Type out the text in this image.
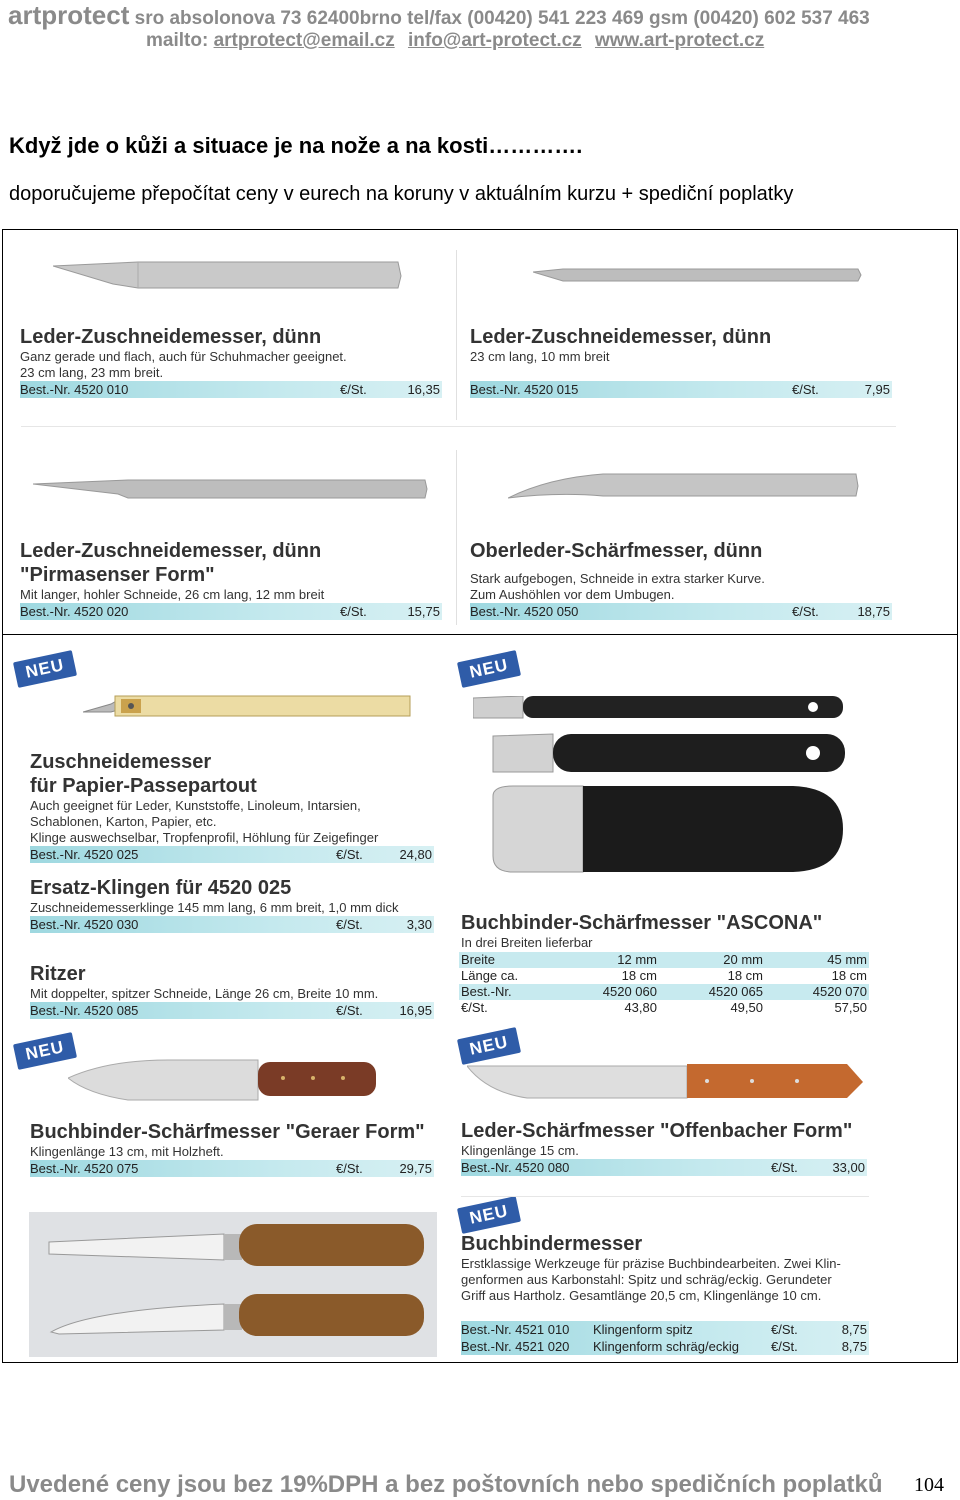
artprotect sro absolonova 73 62400brno tel/fax (00420) 541 223 469 gsm (00420) 602 537 463
mailto: artprotect@email.cz info@art-protect.cz www.art-protect.cz
Když jde o kůži a situace je na nože a na kosti………….
doporučujeme přepočítat ceny v eurech na koruny v aktuálním kurzu + spediční poplatky
Leder-Zuschneidemesser, dünn
Ganz gerade und flach, auch für Schuhmacher geeignet.
23 cm lang, 23 mm breit.
Best.-Nr. 4520 010	€/St.	16,35
Leder-Zuschneidemesser, dünn
23 cm lang, 10 mm breit

Best.-Nr. 4520 015	€/St.	7,95
Leder-Zuschneidemesser, dünn
"Pirmasenser Form"
Mit langer, hohler Schneide, 26 cm lang, 12 mm breit
Best.-Nr. 4520 020	€/St.	15,75
Oberleder-Schärfmesser, dünn
Stark aufgebogen, Schneide in extra starker Kurve.
Zum Aushöhlen vor dem Umbugen.
Best.-Nr. 4520 050	€/St.	18,75
NEU	NEU
NEU	NEU
NEU
Zuschneidemesser
für Papier-Passepartout
Auch geeignet für Leder, Kunststoffe, Linoleum, Intarsien,
Schablonen, Karton, Papier, etc.
Klinge auswechselbar, Tropfenprofil, Höhlung für Zeigefinger
Best.-Nr. 4520 025	€/St.	24,80
Ersatz-Klingen für 4520 025
Zuschneidemesserklinge 145 mm lang, 6 mm breit, 1,0 mm dick
Best.-Nr. 4520 030	€/St.	3,30
Ritzer
Mit doppelter, spitzer Schneide, Länge 26 cm, Breite 10 mm.
Best.-Nr. 4520 085	€/St.	16,95
Buchbinder-Schärfmesser "ASCONA"
In drei Breiten lieferbar
Breite	12 mm	20 mm	45 mm
Länge ca.	18 cm	18 cm	18 cm
Best.-Nr.	4520 060	4520 065	4520 070
€/St.	43,80	49,50	57,50
Buchbinder-Schärfmesser "Geraer Form"
Klingenlänge 13 cm, mit Holzheft.
Best.-Nr. 4520 075	€/St.	29,75
Leder-Schärfmesser "Offenbacher Form"
Klingenlänge 15 cm.
Best.-Nr. 4520 080	€/St.	33,00
Buchbindermesser
Erstklassige Werkzeuge für präzise Buchbindearbeiten. Zwei Klin-
genformen aus Karbonstahl: Spitz und schräg/eckig. Gerundeter
Griff aus Hartholz. Gesamtlänge 20,5 cm, Klingenlänge 10 cm.
Best.-Nr. 4521 010 Klingenform spitz	€/St.	8,75
Best.-Nr. 4521 020 Klingenform schräg/eckig €/St.	8,75
Uvedené ceny jsou bez 19%DPH a bez poštovních nebo spedičních poplatků 104
